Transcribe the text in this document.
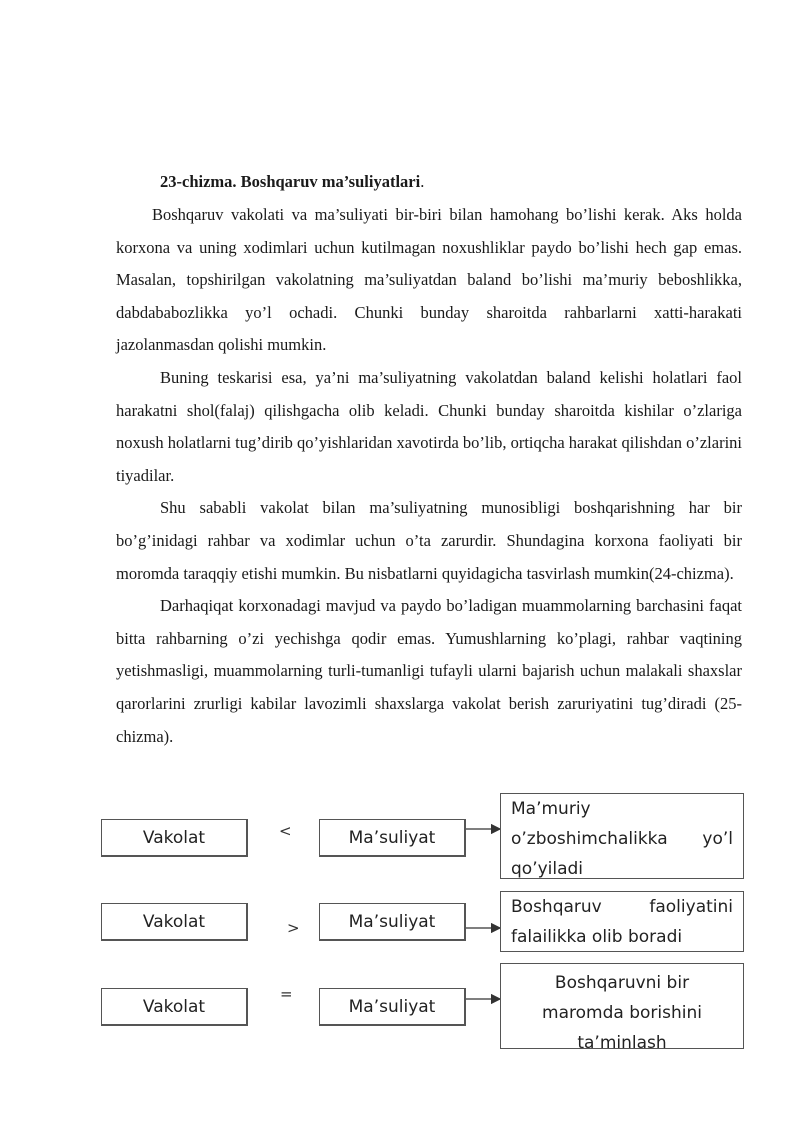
23-chizma. Boshqaruv ma’suliyatlari.

Boshqaruv vakolati va ma’suliyati bir-biri bilan hamohang bo’lishi kerak. Aks holda korxona va uning xodimlari uchun kutilmagan noxushliklar paydo bo’lishi hech gap emas. Masalan, topshirilgan vakolatning ma’suliyatdan baland bo’lishi ma’muriy beboshlikka, dabdababozlikka yo’l ochadi. Chunki bunday sharoitda rahbarlarni xatti-harakati jazolanmasdan qolishi mumkin.

Buning teskarisi esa, ya’ni ma’suliyatning vakolatdan baland kelishi holatlari faol harakatni shol(falaj) qilishgacha olib keladi. Chunki bunday sharoitda kishilar o’zlariga noxush holatlarni tug’dirib qo’yishlaridan xavotirda bo’lib, ortiqcha harakat qilishdan o’zlarini tiyadilar.

Shu sababli vakolat bilan ma’suliyatning munosibligi boshqarishning har bir bo’g’inidagi rahbar va xodimlar uchun o’ta zarurdir. Shundagina korxona faoliyati bir moromda taraqqiy etishi mumkin. Bu nisbatlarni quyidagicha tasvirlash mumkin(24-chizma).

Darhaqiqat korxonadagi mavjud va paydo bo’ladigan muammolarning barchasini faqat bitta rahbarning o’zi yechishga qodir emas. Yumushlarning ko’plagi, rahbar vaqtining yetishmasligi, muammolarning turli-tumanligi tufayli ularni bajarish uchun malakali shaxslar qarorlarini zrurligi kabilar lavozimli shaxslarga vakolat berish zaruriyatini tug’diradi (25-chizma).

Vakolat	<	Ma’suliyat
Ma’muriy
o’zboshimchalikka yo’l
qo’yiladi
Vakolat	>	Ma’suliyat
Boshqaruv faoliyatini
falailikka olib boradi
Vakolat
=
Ma’suliyat
Boshqaruvni bir
maromda borishini
ta’minlash
